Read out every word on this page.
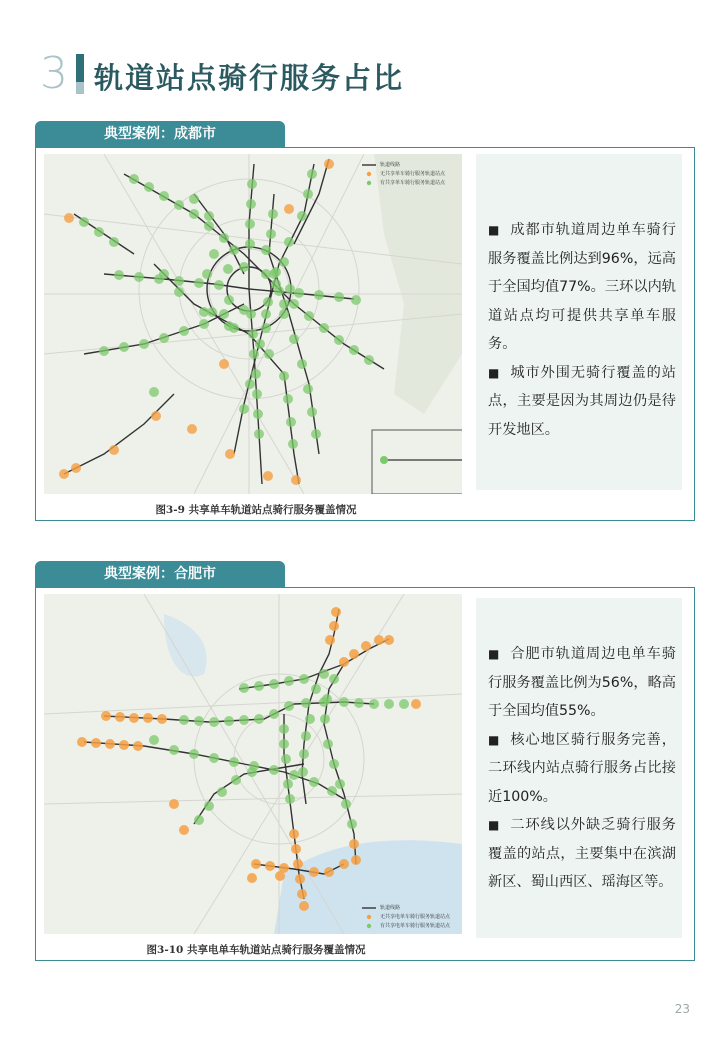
3 轨道站点骑行服务占比
典型案例：成都市
轨道线路
无共享单车骑行服务轨道站点
有共享单车骑行服务轨道站点
图3-9 共享单车轨道站点骑行服务覆盖情况

■ 成都市轨道周边单车骑行服务覆盖比例达到96%，远高于全国均值77%。三环以内轨道站点均可提供共享单车服务。

■ 城市外围无骑行覆盖的站点，主要是因为其周边仍是待开发地区。

典型案例：合肥市
轨道线路
无共享电单车骑行服务轨道站点
有共享电单车骑行服务轨道站点
图3-10 共享电单车轨道站点骑行服务覆盖情况

■ 合肥市轨道周边电单车骑行服务覆盖比例为56%，略高于全国均值55%。

■ 核心地区骑行服务完善，二环线内站点骑行服务占比接近100%。

■ 二环线以外缺乏骑行服务覆盖的站点，主要集中在滨湖新区、蜀山西区、瑶海区等。

23
